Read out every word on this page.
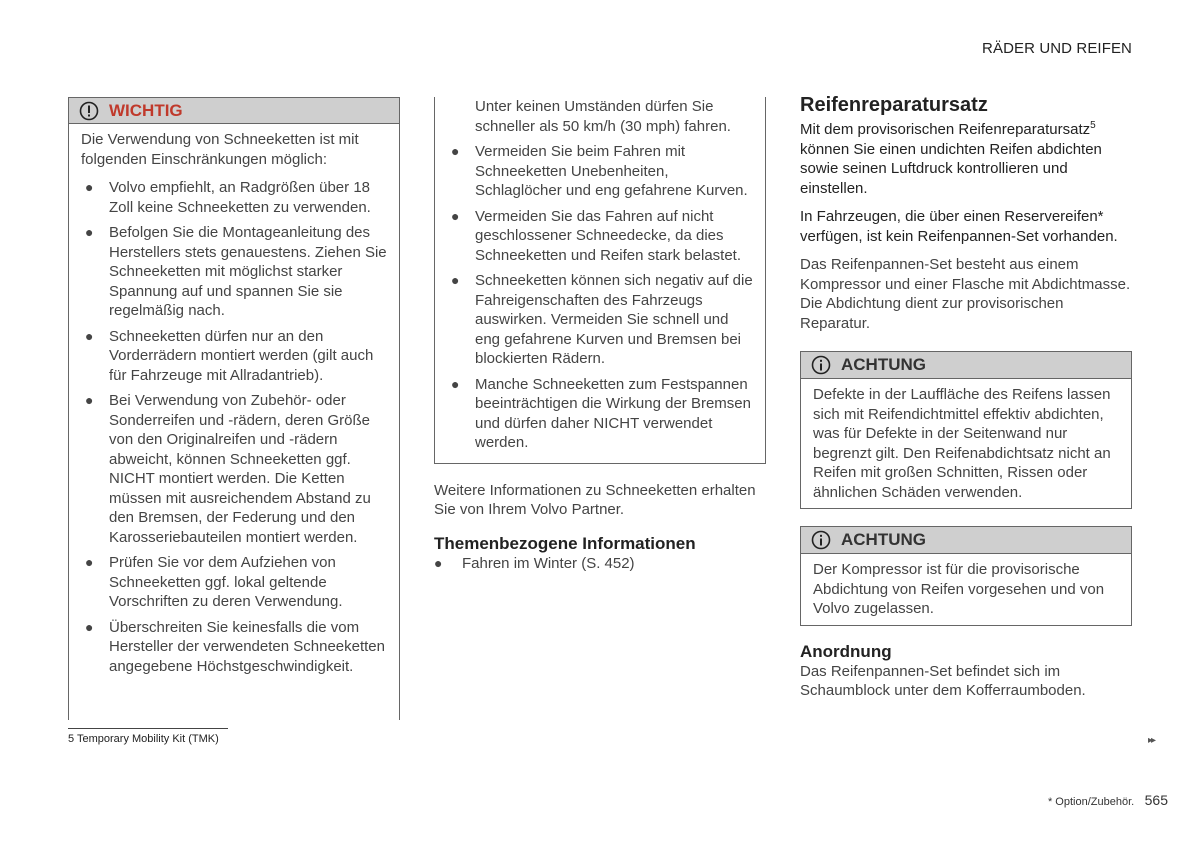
RÄDER UND REIFEN
WICHTIG

Die Verwendung von Schneeketten ist mit folgenden Einschränkungen möglich:

● Volvo empfiehlt, an Radgrößen über 18 Zoll keine Schneeketten zu verwenden.
● Befolgen Sie die Montageanleitung des Herstellers stets genauestens. Ziehen Sie Schneeketten mit möglichst starker Spannung auf und spannen Sie sie regelmäßig nach.
● Schneeketten dürfen nur an den Vorderrädern montiert werden (gilt auch für Fahrzeuge mit Allradantrieb).
● Bei Verwendung von Zubehör- oder Sonderreifen und -rädern, deren Größe von den Originalreifen und -rädern abweicht, können Schneeketten ggf. NICHT montiert werden. Die Ketten müssen mit ausreichendem Abstand zu den Bremsen, der Federung und den Karosseriebauteilen montiert werden.
● Prüfen Sie vor dem Aufziehen von Schneeketten ggf. lokal geltende Vorschriften zu deren Verwendung.
● Überschreiten Sie keinesfalls die vom Hersteller der verwendeten Schneeketten angegebene Höchstgeschwindigkeit.
Unter keinen Umständen dürfen Sie schneller als 50 km/h (30 mph) fahren.
● Vermeiden Sie beim Fahren mit Schneeketten Unebenheiten, Schlaglöcher und eng gefahrene Kurven.
● Vermeiden Sie das Fahren auf nicht geschlossener Schneedecke, da dies Schneeketten und Reifen stark belastet.
● Schneeketten können sich negativ auf die Fahreigenschaften des Fahrzeugs auswirken. Vermeiden Sie schnell und eng gefahrene Kurven und Bremsen bei blockierten Rädern.
● Manche Schneeketten zum Festspannen beeinträchtigen die Wirkung der Bremsen und dürfen daher NICHT verwendet werden.

Weitere Informationen zu Schneeketten erhalten Sie von Ihrem Volvo Partner.

Themenbezogene Informationen

● Fahren im Winter (S. 452)

Reifenreparatursatz

Mit dem provisorischen Reifenreparatursatz$^5$ können Sie einen undichten Reifen abdichten sowie seinen Luftdruck kontrollieren und einstellen.

In Fahrzeugen, die über einen Reservereifen* verfügen, ist kein Reifenpannen-Set vorhanden.

Das Reifenpannen-Set besteht aus einem Kompressor und einer Flasche mit Abdichtmasse. Die Abdichtung dient zur provisorischen Reparatur.

ACHTUNG
Defekte in der Lauffläche des Reifens lassen sich mit Reifendichtmittel effektiv abdichten, was für Defekte in der Seitenwand nur begrenzt gilt. Den Reifenabdichtsatz nicht an Reifen mit großen Schnitten, Rissen oder ähnlichen Schäden verwenden.
ACHTUNG
Der Kompressor ist für die provisorische Abdichtung von Reifen vorgesehen und von Volvo zugelassen.

Anordnung

Das Reifenpannen-Set befindet sich im Schaumblock unter dem Kofferraumboden.

5 Temporary Mobility Kit (TMK)	▸▸
* Option/Zubehör. 565
